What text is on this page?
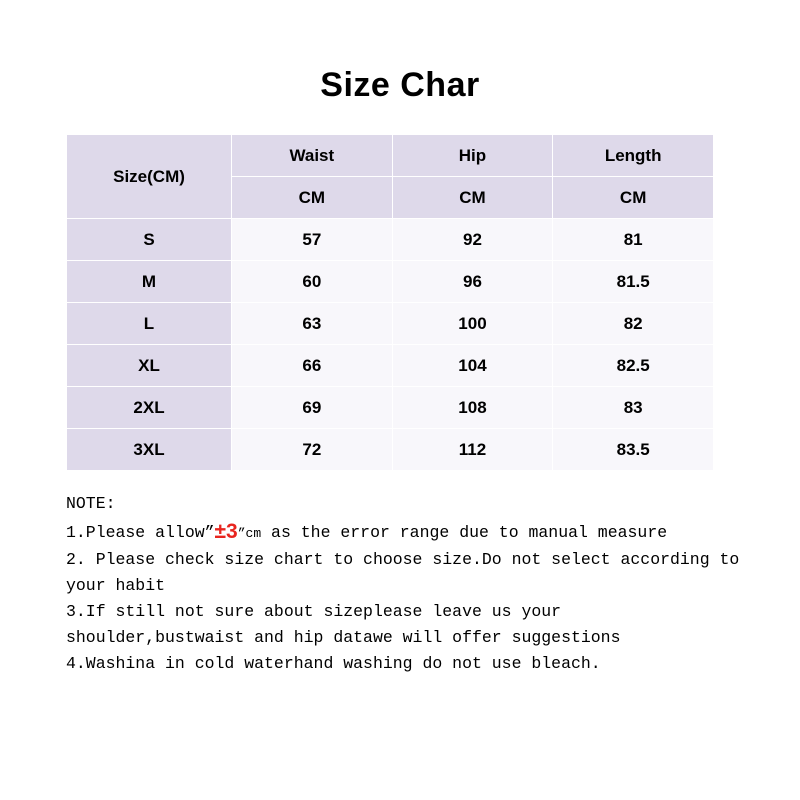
Size Char
Size(CM)	Waist	Hip	Length
	CM	CM	CM
S	57	92	81
M	60	96	81.5
L	63	100	82
XL	66	104	82.5
2XL	69	108	83
3XL	72	112	83.5
NOTE:
1.Please allow”±3”cm as the error range due to manual measure
2. Please check size chart to choose size.Do not select according to your habit
3.If still not sure about sizeplease leave us your shoulder,bustwaist and hip datawe will offer suggestions
4.Washina in cold waterhand washing do not use bleach.
